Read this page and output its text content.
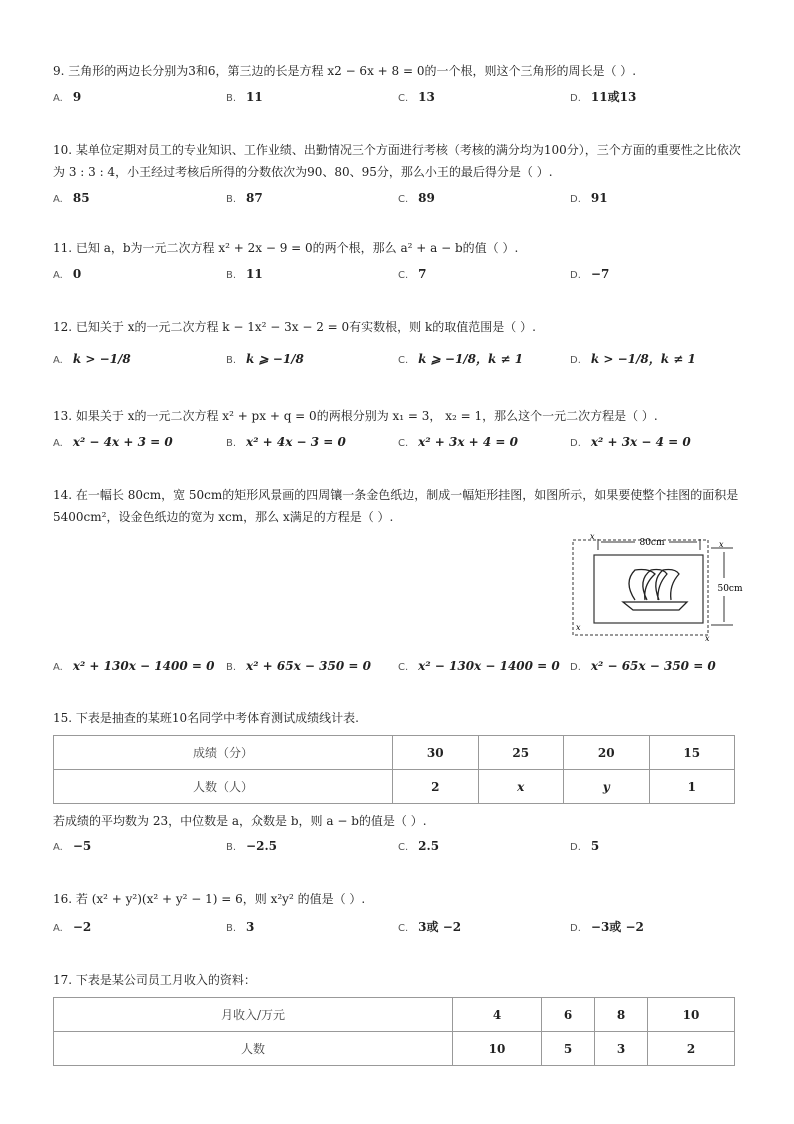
9. 三角形的两边长分别为3和6，第三边的长是方程 x2 − 6x + 8 = 0的一个根，则这个三角形的周长是（ ）.

A. 9	B. 11	C. 13	D. 11或13

10. 某单位定期对员工的专业知识、工作业绩、出勤情况三个方面进行考核（考核的满分均为100分），三个方面的重要性之比依次为 3 : 3 : 4，小王经过考核后所得的分数依次为90、80、95分，那么小王的最后得分是（ ）.

A. 85	B. 87	C. 89	D. 91

11. 已知 a，b为一元二次方程 x² + 2x − 9 = 0的两个根，那么 a² + a − b的值（ ）.

A. 0	B. 11	C. 7	D. −7

12. 已知关于 x的一元二次方程 k − 1x² − 3x − 2 = 0有实数根，则 k的取值范围是（ ）.

A. k > −1/8	B. k ⩾ −1/8	C. k ⩾ −1/8，k ≠ 1	D. k > −1/8，k ≠ 1

13. 如果关于 x的一元二次方程 x² + px + q = 0的两根分别为 x₁ = 3， x₂ = 1，那么这个一元二次方程是（ ）.

A. x² − 4x + 3 = 0	B. x² + 4x − 3 = 0	C. x² + 3x + 4 = 0	D. x² + 3x − 4 = 0

14. 在一幅长 80cm，宽 50cm的矩形风景画的四周镶一条金色纸边，制成一幅矩形挂图，如图所示，如果要使整个挂图的面积是 5400cm²，设金色纸边的宽为 xcm，那么 x满足的方程是（ ）.

80cm
50cm
x
x
x
x
A. x² + 130x − 1400 = 0 B. x² + 65x − 350 = 0	C. x² − 130x − 1400 = 0 D. x² − 65x − 350 = 0

15. 下表是抽查的某班10名同学中考体育测试成绩线计表.

成绩（分）	30	25	20	15
人数（人）	2	x	y	1

若成绩的平均数为 23，中位数是 a，众数是 b，则 a − b的值是（ ）.

A. −5	B. −2.5	C. 2.5	D. 5

16. 若 (x² + y²)(x² + y² − 1) = 6，则 x²y² 的值是（ ）.

A. −2	B. 3	C. 3或 −2	D. −3或 −2

17. 下表是某公司员工月收入的资料：

月收入/万元	4	6	8	10
人数	10	5	3	2
